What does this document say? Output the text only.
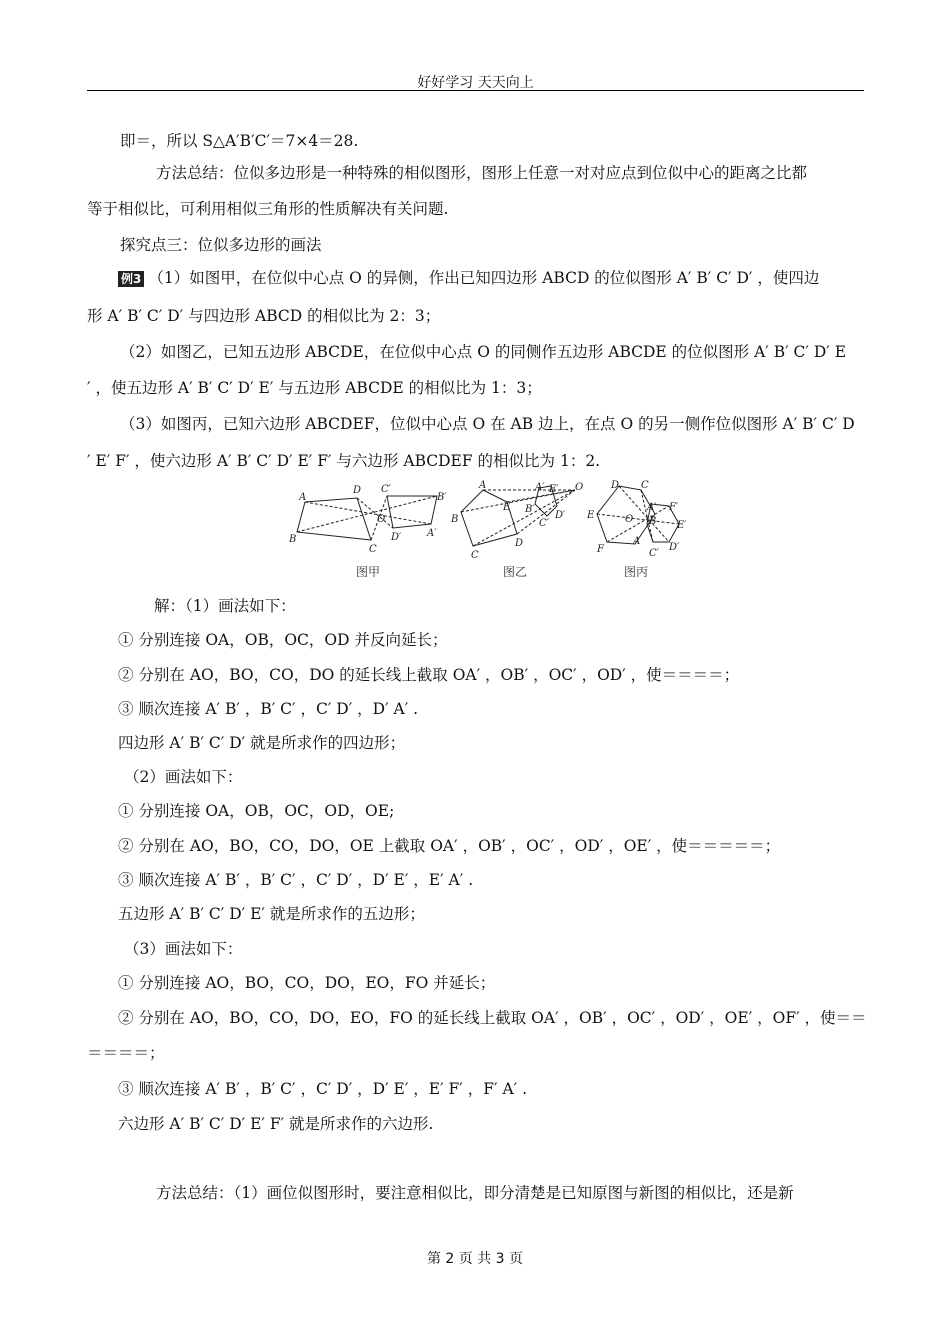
好好学习 天天向上
即＝，所以 S△A′B′C′＝7×4＝28.
方法总结：位似多边形是一种特殊的相似图形，图形上任意一对对应点到位似中心的距离之比都
等于相似比，可利用相似三角形的性质解决有关问题.
探究点三：位似多边形的画法
例3 （1）如图甲，在位似中心点 O 的异侧，作出已知四边形 ABCD 的位似图形 A′ B′ C′ D′ ，使四边
形 A′ B′ C′ D′ 与四边形 ABCD 的相似比为 2：3；
（2）如图乙，已知五边形 ABCDE，在位似中心点 O 的同侧作五边形 ABCDE 的位似图形 A′ B′ C′ D′ E
′ ，使五边形 A′ B′ C′ D′ E′ 与五边形 ABCDE 的相似比为 1：3；
（3）如图丙，已知六边形 ABCDEF，位似中心点 O 在 AB 边上，在点 O 的另一侧作位似图形 A′ B′ C′ D
′ E′ F′ ，使六边形 A′ B′ C′ D′ E′ F′ 与六边形 ABCDEF 的相似比为 1：2.
A
D
C
B
C′
B′
A′
D′
O
A
E
D
C
B
A′ E′ O
B′
D′
C′
D C
E
F
A
A′ F′
E′
D′
C′
O B
图甲	图乙	图丙
解：（1）画法如下：
① 分别连接 OA，OB，OC，OD 并反向延长；
② 分别在 AO，BO，CO，DO 的延长线上截取 OA′ ，OB′ ，OC′ ，OD′ ，使＝＝＝＝；
③ 顺次连接 A′ B′ ，B′ C′ ，C′ D′ ，D′ A′ .
四边形 A′ B′ C′ D′ 就是所求作的四边形；
（2）画法如下：
① 分别连接 OA，OB，OC，OD，OE;
② 分别在 AO，BO，CO，DO，OE 上截取 OA′ ，OB′ ，OC′ ，OD′ ，OE′ ，使＝＝＝＝＝；
③ 顺次连接 A′ B′ ，B′ C′ ，C′ D′ ，D′ E′ ，E′ A′ .
五边形 A′ B′ C′ D′ E′ 就是所求作的五边形；
（3）画法如下：
① 分别连接 AO，BO，CO，DO，EO，FO 并延长；
② 分别在 AO，BO，CO，DO，EO，FO 的延长线上截取 OA′ ，OB′ ，OC′ ，OD′ ，OE′ ，OF′ ，使＝＝
＝＝＝＝；
③ 顺次连接 A′ B′ ，B′ C′ ，C′ D′ ，D′ E′ ，E′ F′ ，F′ A′ .
六边形 A′ B′ C′ D′ E′ F′ 就是所求作的六边形.
方法总结：（1）画位似图形时，要注意相似比，即分清楚是已知原图与新图的相似比，还是新
第 2 页 共 3 页
